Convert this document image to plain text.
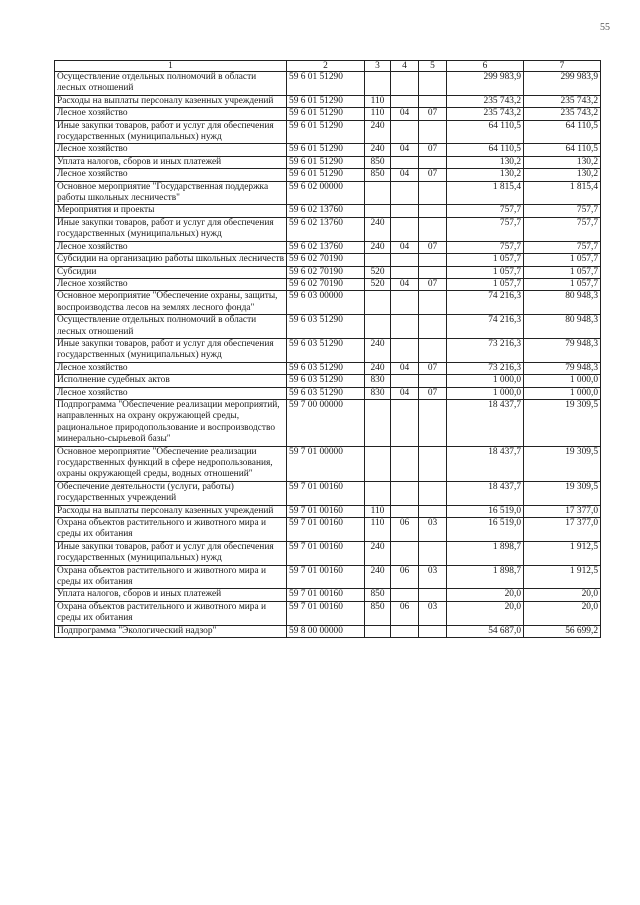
55
1	2	3	4	5	6	7
Осуществление отдельных полномочий в области лесных отношений	59 6 01 51290				299 983,9	299 983,9
Расходы на выплаты персоналу казенных учреждений	59 6 01 51290	110			235 743,2	235 743,2
Лесное хозяйство	59 6 01 51290	110	04	07	235 743,2	235 743,2
Иные закупки товаров, работ и услуг для обеспечения государственных (муниципальных) нужд	59 6 01 51290	240			64 110,5	64 110,5
Лесное хозяйство	59 6 01 51290	240	04	07	64 110,5	64 110,5
Уплата налогов, сборов и иных платежей	59 6 01 51290	850			130,2	130,2
Лесное хозяйство	59 6 01 51290	850	04	07	130,2	130,2
Основное мероприятие "Государственная поддержка работы школьных лесничеств"	59 6 02 00000				1 815,4	1 815,4
Мероприятия и проекты	59 6 02 13760				757,7	757,7
Иные закупки товаров, работ и услуг для обеспечения государственных (муниципальных) нужд	59 6 02 13760	240			757,7	757,7
Лесное хозяйство	59 6 02 13760	240	04	07	757,7	757,7
Субсидии на организацию работы школьных лесничеств	59 6 02 70190				1 057,7	1 057,7
Субсидии	59 6 02 70190	520			1 057,7	1 057,7
Лесное хозяйство	59 6 02 70190	520	04	07	1 057,7	1 057,7
Основное мероприятие "Обеспечение охраны, защиты, воспроизводства лесов на землях лесного фонда"	59 6 03 00000				74 216,3	80 948,3
Осуществление отдельных полномочий в области лесных отношений	59 6 03 51290				74 216,3	80 948,3
Иные закупки товаров, работ и услуг для обеспечения государственных (муниципальных) нужд	59 6 03 51290	240			73 216,3	79 948,3
Лесное хозяйство	59 6 03 51290	240	04	07	73 216,3	79 948,3
Исполнение судебных актов	59 6 03 51290	830			1 000,0	1 000,0
Лесное хозяйство	59 6 03 51290	830	04	07	1 000,0	1 000,0
Подпрограмма "Обеспечение реализации мероприятий, направленных на охрану окружающей среды, рациональное природопользование и воспроизводство минерально-сырьевой базы"	59 7 00 00000				18 437,7	19 309,5
Основное мероприятие "Обеспечение реализации государственных функций в сфере недропользования, охраны окружающей среды, водных отношений"	59 7 01 00000				18 437,7	19 309,5
Обеспечение деятельности (услуги, работы) государственных учреждений	59 7 01 00160				18 437,7	19 309,5
Расходы на выплаты персоналу казенных учреждений	59 7 01 00160	110			16 519,0	17 377,0
Охрана объектов растительного и животного мира и среды их обитания	59 7 01 00160	110	06	03	16 519,0	17 377,0
Иные закупки товаров, работ и услуг для обеспечения государственных (муниципальных) нужд	59 7 01 00160	240			1 898,7	1 912,5
Охрана объектов растительного и животного мира и среды их обитания	59 7 01 00160	240	06	03	1 898,7	1 912,5
Уплата налогов, сборов и иных платежей	59 7 01 00160	850			20,0	20,0
Охрана объектов растительного и животного мира и среды их обитания	59 7 01 00160	850	06	03	20,0	20,0
Подпрограмма "Экологический надзор"	59 8 00 00000				54 687,0	56 699,2
